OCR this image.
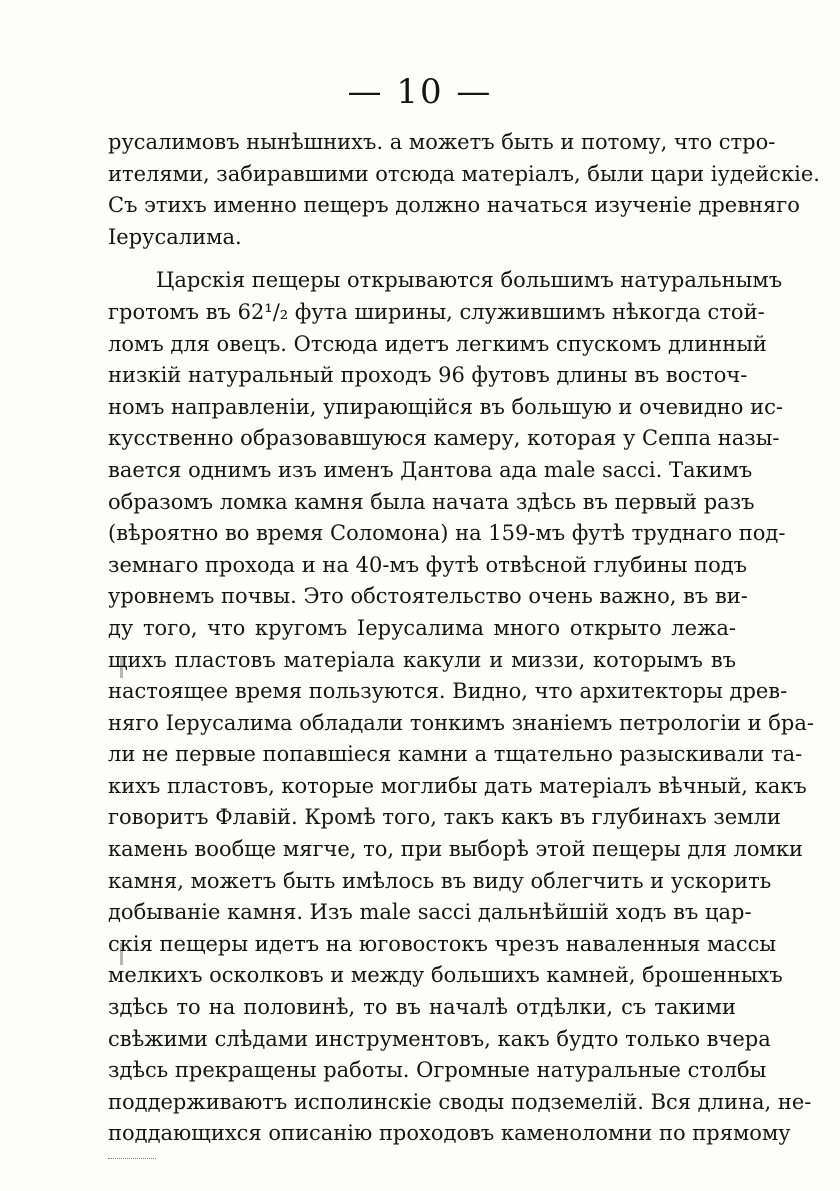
— 10 —
русалимовъ нынѣшнихъ. а можетъ быть и потому, что стро-
ителями, забиравшими отсюда матеріалъ, были цари іудейскіе.
Съ этихъ именно пещеръ должно начаться изученіе древняго
Іерусалима.
Царскія пещеры открываются большимъ натуральнымъ
гротомъ въ 62¹/₂ фута ширины, служившимъ нѣкогда стой-
ломъ для овецъ. Отсюда идетъ легкимъ спускомъ длинный
низкій натуральный проходъ 96 футовъ длины въ восточ-
номъ направленіи, упирающійся въ большую и очевидно ис-
кусственно образовавшуюся камеру, которая у Сеппа назы-
вается однимъ изъ именъ Дантова ада male sacci. Такимъ
образомъ ломка камня была начата здѣсь въ первый разъ
(вѣроятно во время Соломона) на 159-мъ футѣ труднаго под-
земнаго прохода и на 40-мъ футѣ отвѣсной глубины подъ
уровнемъ почвы. Это обстоятельство очень важно, въ ви-
ду того, что кругомъ Іерусалима много открыто лежа-
щихъ пластовъ матеріала какули и миззи, которымъ въ
настоящее время пользуются. Видно, что архитекторы древ-
няго Іерусалима обладали тонкимъ знаніемъ петрологіи и бра-
ли не первые попавшіеся камни а тщательно разыскивали та-
кихъ пластовъ, которые моглибы дать матеріалъ вѣчный, какъ
говоритъ Флавій. Кромѣ того, такъ какъ въ глубинахъ земли
камень вообще мягче, то, при выборѣ этой пещеры для ломки
камня, можетъ быть имѣлось въ виду облегчить и ускорить
добываніе камня. Изъ male sacci дальнѣйшій ходъ въ цар-
скія пещеры идетъ на юговостокъ чрезъ наваленныя массы
мелкихъ осколковъ и между большихъ камней, брошенныхъ
здѣсь то на половинѣ, то въ началѣ отдѣлки, съ такими
свѣжими слѣдами инструментовъ, какъ будто только вчера
здѣсь прекращены работы. Огромные натуральные столбы
поддерживаютъ исполинскіе своды подземелій. Вся длина, не-
поддающихся описанію проходовъ каменоломни по прямому
